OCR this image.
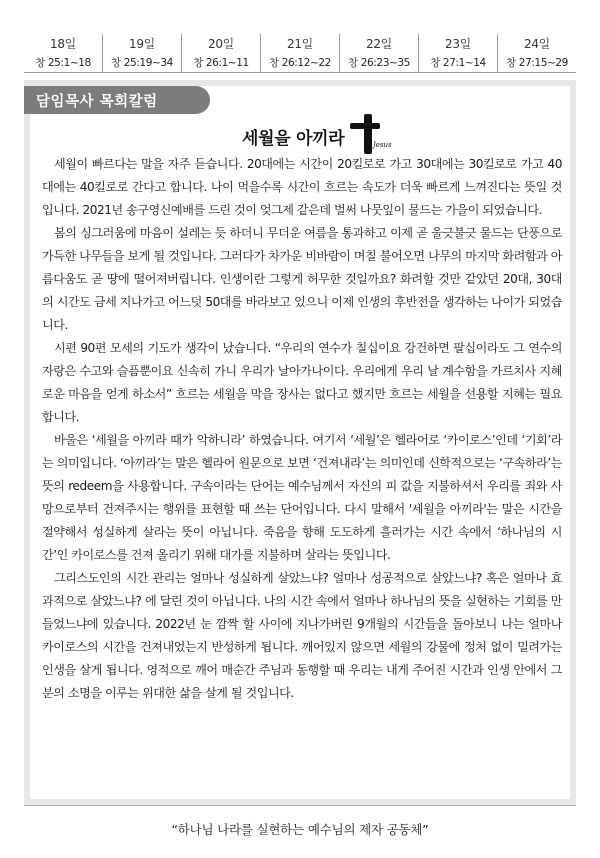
18일
창 25:1~18
19일
창 25:19~34
20일
창 26:1~11
21일
창 26:12~22
22일
창 26:23~35
23일
창 27:1~14
24일
창 27:15~29
담임목사 목회칼럼
세월을 아끼라	Jesus

세월이 빠르다는 말을 자주 듣습니다. 20대에는 시간이 20킬로로 가고 30대에는 30킬로로 가고 40대에는 40킬로로 간다고 합니다. 나이 먹을수록 시간이 흐르는 속도가 더욱 빠르게 느껴진다는 뜻일 것입니다. 2021년 송구영신예배를 드린 것이 엊그제 같은데 벌써 나뭇잎이 물드는 가을이 되었습니다.

봄의 싱그러움에 마음이 설레는 듯 하더니 무더운 여름을 통과하고 이제 곧 울긋불긋 물드는 단풍으로 가득한 나무들을 보게 될 것입니다. 그러다가 차가운 비바람이 며칠 불어오면 나무의 마지막 화려함과 아름다움도 곧 땅에 떨어져버립니다. 인생이란 그렇게 허무한 것일까요? 화려할 것만 같았던 20대, 30대의 시간도 금세 지나가고 어느덧 50대를 바라보고 있으니 이제 인생의 후반전을 생각하는 나이가 되었습니다.

시편 90편 모세의 기도가 생각이 났습니다. “우리의 연수가 칠십이요 강건하면 팔십이라도 그 연수의 자랑은 수고와 슬픔뿐이요 신속히 가니 우리가 날아가나이다. 우리에게 우리 날 계수함을 가르치사 지혜로운 마음을 얻게 하소서” 흐르는 세월을 막을 장사는 없다고 했지만 흐르는 세월을 선용할 지혜는 필요합니다.

바울은 ‘세월을 아끼라 때가 악하니라’ 하였습니다. 여기서 ‘세월’은 헬라어로 ‘카이로스’인데 ‘기회’라는 의미입니다. ‘아끼라’는 말은 헬라어 원문으로 보면 ‘건져내라’는 의미인데 신학적으로는 ‘구속하라’는 뜻의 redeem을 사용합니다. 구속이라는 단어는 예수님께서 자신의 피 값을 지불하셔서 우리를 죄와 사망으로부터 건져주시는 행위를 표현할 때 쓰는 단어입니다. 다시 말해서 '세월을 아끼라'는 말은 시간을 절약해서 성실하게 살라는 뜻이 아닙니다. 죽음을 향해 도도하게 흘러가는 시간 속에서 ‘하나님의 시간’인 카이로스를 건져 올리기 위해 대가를 지불하며 살라는 뜻입니다.

그리스도인의 시간 관리는 얼마나 성실하게 살았느냐? 얼마나 성공적으로 살았느냐? 혹은 얼마나 효과적으로 살았느냐? 에 달린 것이 아닙니다. 나의 시간 속에서 얼마나 하나님의 뜻을 실현하는 기회를 만들었느냐에 있습니다. 2022년 눈 깜짝 할 사이에 지나가버린 9개월의 시간들을 돌아보니 나는 얼마나 카이로스의 시간을 건져내었는지 반성하게 됩니다. 깨어있지 않으면 세월의 강물에 정처 없이 밀려가는 인생을 살게 됩니다. 영적으로 깨어 매순간 주님과 동행할 때 우리는 내게 주어진 시간과 인생 안에서 그분의 소명을 이루는 위대한 삶을 살게 될 것입니다.

“하나님 나라를 실현하는 예수님의 제자 공동체”
